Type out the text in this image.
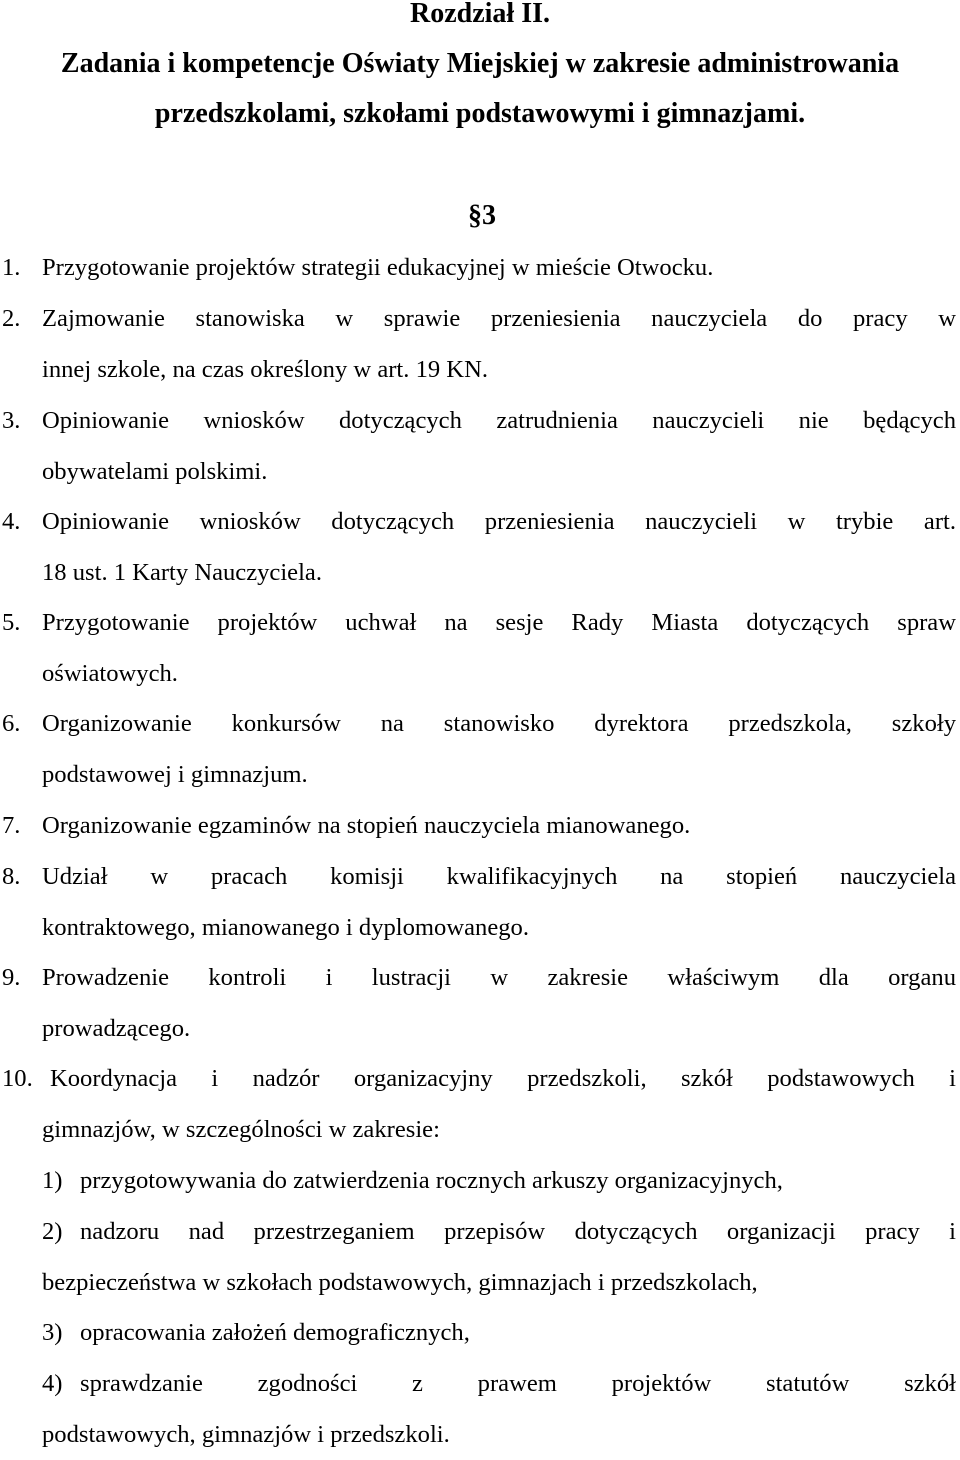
Rozdział II.
Zadania i kompetencje Oświaty Miejskiej w zakresie administrowania
przedszkolami, szkołami podstawowymi i gimnazjami.
§3
1. Przygotowanie projektów strategii edukacyjnej w mieście Otwocku.
2. Zajmowanie stanowiska w sprawie przeniesienia nauczyciela do pracy w
innej szkole, na czas określony w art. 19 KN.
3. Opiniowanie wniosków dotyczących zatrudnienia nauczycieli nie będących
obywatelami polskimi.
4. Opiniowanie wniosków dotyczących przeniesienia nauczycieli w trybie art.
18 ust. 1 Karty Nauczyciela.
5. Przygotowanie projektów uchwał na sesje Rady Miasta dotyczących spraw
oświatowych.
6. Organizowanie konkursów na stanowisko dyrektora przedszkola, szkoły
podstawowej i gimnazjum.
7. Organizowanie egzaminów na stopień nauczyciela mianowanego.
8. Udział w pracach komisji kwalifikacyjnych na stopień nauczyciela
kontraktowego, mianowanego i dyplomowanego.
9. Prowadzenie kontroli i lustracji w zakresie właściwym dla organu
prowadzącego.
10. Koordynacja i nadzór organizacyjny przedszkoli, szkół podstawowych i
gimnazjów, w szczególności w zakresie:
1) przygotowywania do zatwierdzenia rocznych arkuszy organizacyjnych,
2) nadzoru nad przestrzeganiem przepisów dotyczących organizacji pracy i
bezpieczeństwa w szkołach podstawowych, gimnazjach i przedszkolach,
3) opracowania założeń demograficznych,
4) sprawdzanie zgodności z prawem projektów statutów szkół
podstawowych, gimnazjów i przedszkoli.
